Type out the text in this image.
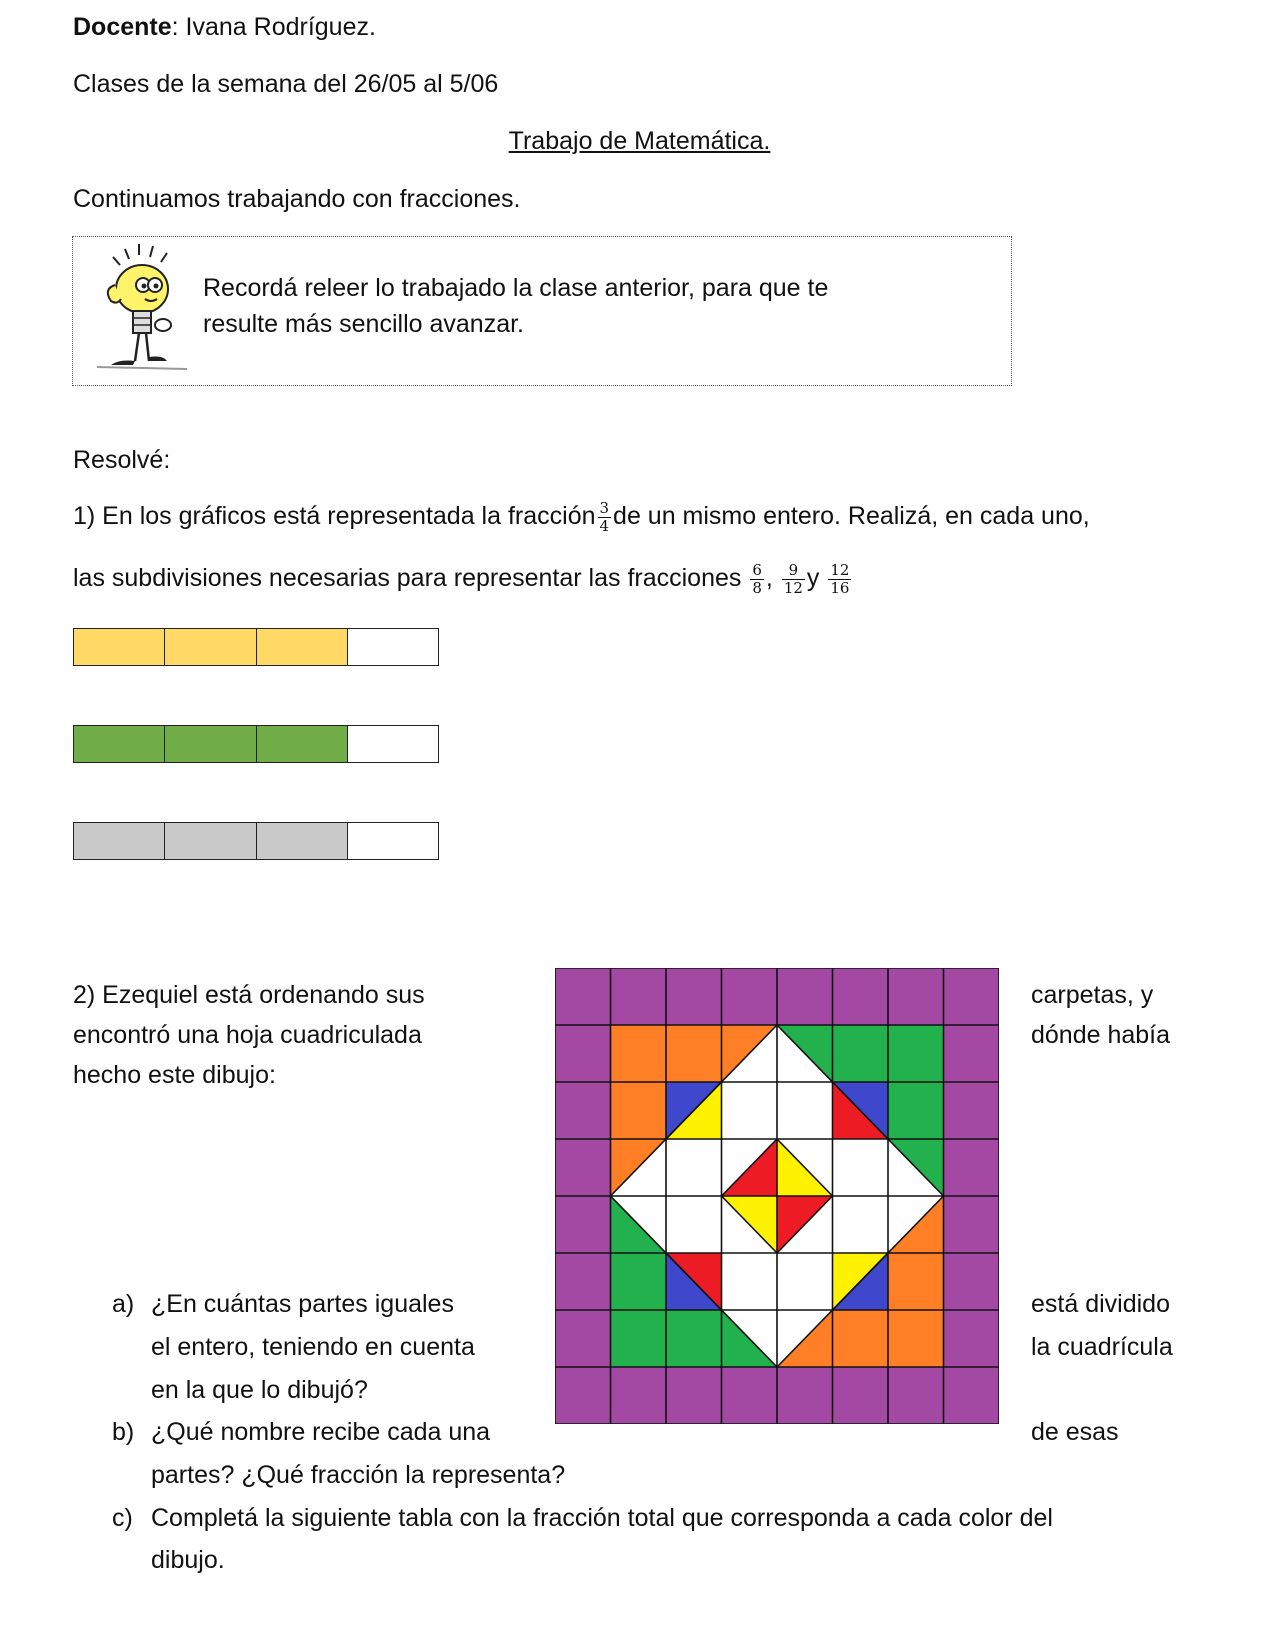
Docente: Ivana Rodríguez.
Clases de la semana del 26/05 al 5/06
Trabajo de Matemática.
Continuamos trabajando con fracciones.
Recordá releer lo trabajado la clase anterior, para que te
resulte más sencillo avanzar.
Resolvé:
1) En los gráficos está representada la fracción $\frac{3}{4}$ de un mismo entero. Realizá, en cada uno,
las subdivisiones necesarias para representar las fracciones $\frac{6}{8}$ , $\frac{9}{12}$ y $\frac{12}{16}$
2) Ezequiel está ordenando sus
encontró una hoja cuadriculada
hecho este dibujo:
carpetas, y
dónde había
a) ¿En cuántas partes iguales
el entero, teniendo en cuenta
en la que lo dibujó?
está dividido
la cuadrícula
b) ¿Qué nombre recibe cada una	de esas
partes? ¿Qué fracción la representa?
c) Completá la siguiente tabla con la fracción total que corresponda a cada color del
dibujo.
